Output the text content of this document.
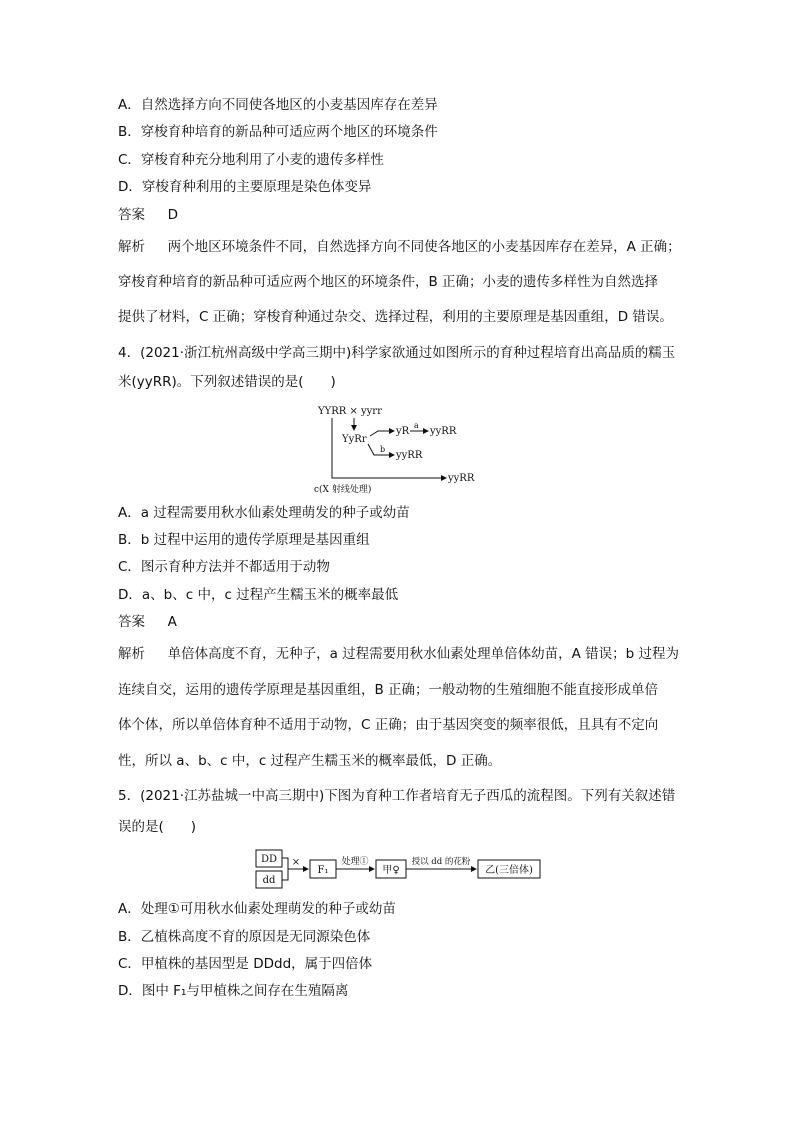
A．自然选择方向不同使各地区的小麦基因库存在差异
B．穿梭育种培育的新品种可适应两个地区的环境条件
C．穿梭育种充分地利用了小麦的遗传多样性
D．穿梭育种利用的主要原理是染色体变异
答案 D
解析 两个地区环境条件不同，自然选择方向不同使各地区的小麦基因库存在差异，A 正确；
穿梭育种培育的新品种可适应两个地区的环境条件，B 正确；小麦的遗传多样性为自然选择
提供了材料，C 正确；穿梭育种通过杂交、选择过程，利用的主要原理是基因重组，D 错误。
4．(2021·浙江杭州高级中学高三期中)科学家欲通过如图所示的育种过程培育出高品质的糯玉
米(yyRR)。下列叙述错误的是(　　)
YYRR × yyrr
YyRr
yR
a
yyRR
b
yyRR
yyRR
c(X 射线处理)
A．a 过程需要用秋水仙素处理萌发的种子或幼苗
B．b 过程中运用的遗传学原理是基因重组
C．图示育种方法并不都适用于动物
D．a、b、c 中，c 过程产生糯玉米的概率最低
答案 A
解析 单倍体高度不育，无种子，a 过程需要用秋水仙素处理单倍体幼苗，A 错误；b 过程为
连续自交，运用的遗传学原理是基因重组，B 正确；一般动物的生殖细胞不能直接形成单倍
体个体，所以单倍体育种不适用于动物，C 正确；由于基因突变的频率很低，且具有不定向
性，所以 a、b、c 中，c 过程产生糯玉米的概率最低，D 正确。
5．(2021·江苏盐城一中高三期中)下图为育种工作者培育无子西瓜的流程图。下列有关叙述错
误的是(　　)
DD
dd
×
F₁
处理①
甲♀
授以 dd 的花粉
乙(三倍体)
A．处理①可用秋水仙素处理萌发的种子或幼苗
B．乙植株高度不育的原因是无同源染色体
C．甲植株的基因型是 DDdd，属于四倍体
D．图中 F₁与甲植株之间存在生殖隔离
